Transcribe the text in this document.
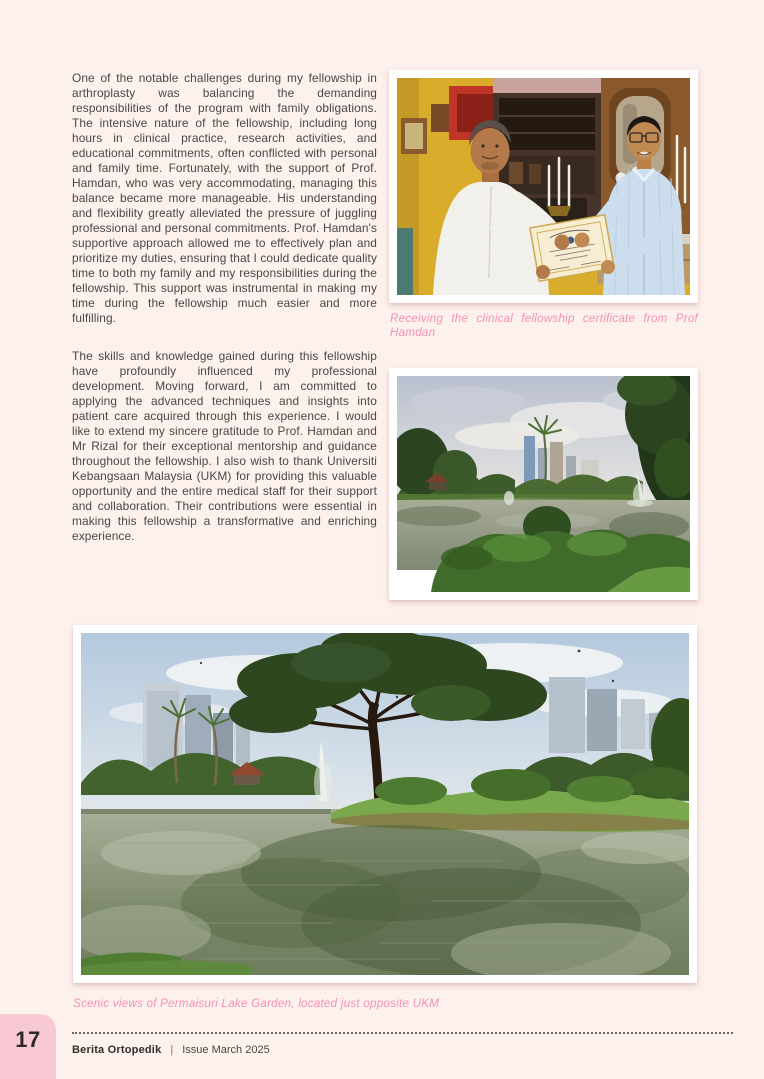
One of the notable challenges during my fellowship in arthroplasty was balancing the demanding responsibilities of the program with family obligations. The intensive nature of the fellowship, including long hours in clinical practice, research activities, and educational commitments, often conflicted with personal and family time. Fortunately, with the support of Prof. Hamdan, who was very accommodating, managing this balance became more manageable. His understanding and flexibility greatly alleviated the pressure of juggling professional and personal commitments. Prof. Hamdan's supportive approach allowed me to effectively plan and prioritize my duties, ensuring that I could dedicate quality time to both my family and my responsibilities during the fellowship. This support was instrumental in making my time during the fellowship much easier and more fulfilling.

The skills and knowledge gained during this fellowship have profoundly influenced my professional development. Moving forward, I am committed to applying the advanced techniques and insights into patient care acquired through this experience. I would like to extend my sincere gratitude to Prof. Hamdan and Mr Rizal for their exceptional mentorship and guidance throughout the fellowship. I also wish to thank Universiti Kebangsaan Malaysia (UKM) for providing this valuable opportunity and the entire medical staff for their support and collaboration. Their contributions were essential in making this fellowship a transformative and enriching experience.

Receiving the clinical fellowship certificate from Prof Hamdan
Scenic views of Permaisuri Lake Garden, located just opposite UKM
Berita Ortopedik | Issue March 2025
17
